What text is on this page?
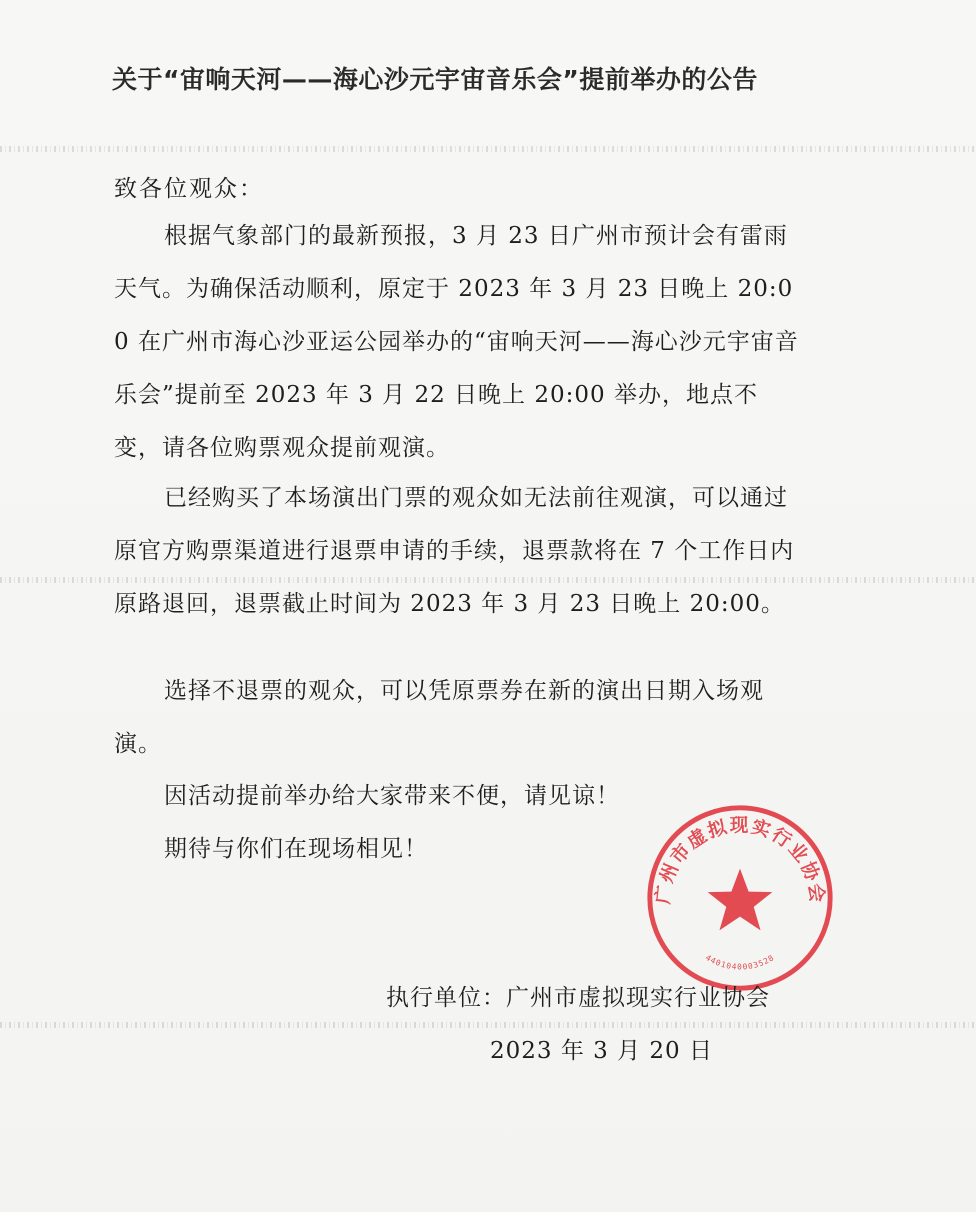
关于“宙响天河——海心沙元宇宙音乐会”提前举办的公告
致各位观众：
根据气象部门的最新预报，3 月 23 日广州市预计会有雷雨天气。为确保活动顺利，原定于 2023 年 3 月 23 日晚上 20:00 在广州市海心沙亚运公园举办的“宙响天河——海心沙元宇宙音乐会”提前至 2023 年 3 月 22 日晚上 20:00 举办，地点不变，请各位购票观众提前观演。
已经购买了本场演出门票的观众如无法前往观演，可以通过原官方购票渠道进行退票申请的手续，退票款将在 7 个工作日内原路退回，退票截止时间为 2023 年 3 月 23 日晚上 20:00。
选择不退票的观众，可以凭原票券在新的演出日期入场观演。
因活动提前举办给大家带来不便，请见谅！
期待与你们在现场相见！
广州市虚拟现实行业协会
4401040003528
执行单位：广州市虚拟现实行业协会
2023 年 3 月 20 日
